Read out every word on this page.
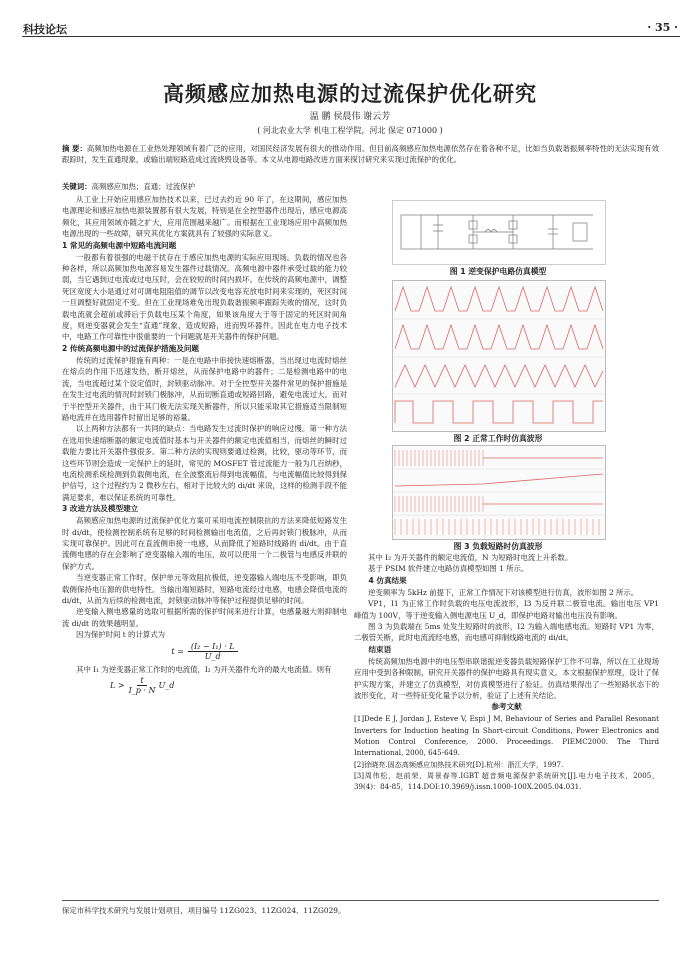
科技论坛	· 35 ·
高频感应加热电源的过流保护优化研究
温 鹏 侯晨伟 谢云芳
( 河北农业大学 机电工程学院，河北 保定 071000 )
摘 要：高频加热电源在工业热处理领域有着广泛的应用，对国民经济发展有很大的推动作用。但目前高频感应加热电源依然存在着各种不足，比如当负载谐振频率特性的无法实现有效跟踪时，发生直通现象，或输出端短路造成过流烧毁设备等。本文从电源电路改进方面来探讨研究来实现过流保护的优化。
关键词：高频感应加热；直通；过流保护
从工业上开始应用感应加热技术以来，已过去约近 90 年了，在这期间，感应加热电源理论和感应加热电源装置都有很大发展，特别是在全控型器件出现后，感应电源高频化，其应用领域亦随之扩大，应用范围越来越广。而根据在工业现场应用中高频加热电源出现的一些故障，研究其优化方案就具有了较强的实际意义。
1 常见的高频电源中短路电流问题
一般都有着很强的电磁干扰存在于感应加热电源的实际应用现场。负载的情况也各种各样，所以高频加热电源容易发生器件过载情况。高频电源中器件承受过载的能力较弱，当它遇到过电流或过电压时，会在较短的时间内损坏。在传统的高频电源中，调整死区宽度大小是通过对可调电阻阻值的调节以改变电容充放电时间来实现的，死区时间一旦调整好就固定不变。但在工业现场难免出现负载谐振频率跟踪失败的情况，这时负载电流就会超前或滞后于负载电压某个角度，如果该角度大于等于固定的死区时间角度，则逆变器就会发生“直通”现象，造成短路，进而毁坏器件。因此在电力电子技术中，电路工作可靠性中很重要的一个问题就是开关器件的保护问题。
2 传统高频电源中的过流保护措施及问题
传统的过流保护措施有两种：一是在电路中串接快速熔断器，当出现过电流时熔丝在熔点的作用下迅速发热，断开熔丝，从而保护电路中的器件；二是检测电路中的电流，当电流超过某个设定值时，封锁驱动脉冲。对于全控型开关器件常见的保护措施是在发生过电流的情况时封锁门极脉冲，从而切断直通或短路回路，避免电流过大。而对于半控型开关器件，由于其门极无法实现关断器件，所以只能采取其它措施适当限制短路电流并在选用器件时留出足够的裕量。
以上两种方法都有一共同的缺点：当电路发生过流时保护的响应过慢。第一种方法在选用快速熔断器的额定电流值时基本与开关器件的额定电流值相当，而熔丝的瞬时过载能力要比开关器件强很多。第二种方法的实现则要通过检测，比较，驱动等环节，而这些环节则会造成一定保护上的延时，常见的 MOSFET 管过流能力一般为几百纳秒，电流检测系统检测到负载侧电流，在全波整流后得到电流幅值，与电流幅值比较得到保护信号，这个过程约为 2 微秒左右，相对于比较大的 di/dt 来说，这样的检测手段不能满足要求，难以保证系统的可靠性。
3 改进方法及模型建立
高频感应加热电源的过流保护优化方案可采用电流控制限抗的方法来降低短路发生时 di/dt，使检测控制系统有足够的时间检测输出电流值，之后再封锁门极脉冲，从而实现可靠保护。因此可在直流侧串接一电感，从而降低了短路时线路的 di/dt。由于直流侧电感的存在会影响了逆变器输入端的电压，故可以使用一个二极管与电感反并联的保护方式。
当逆变器正常工作时，保护单元等效阻抗极低，逆变器输入端电压不受影响，即负载侧保持电压源的供电特性。当输出端短路时，短路电流经过电感，电感会降低电流的 di/dt，从而为后续的检测电流，封锁驱动脉冲等保护过程提供足够的时间。
逆变输入侧电感量的选取可根据所需的保护时间来进行计算，电感量越大则抑制电流 di/dt 的效果越明显。
因为保护时间 t 的计算式为
$t = \frac{\text{(I₂ − I₁) · L}}{U\_d}$
其中 I₁ 为逆变器正常工作时的电流值，I₂ 为开关器件允许的最大电流值。则有
$L > \frac{t}{I\_p \cdot N}$ U_d
图 1 逆变保护电路仿真模型
图 2 正常工作时仿真波形
图 3 负载短路时仿真波形
其中 I₂ 为开关器件的额定电流值，N 为短路时电流上升系数。
基于 PSIM 软件建立电路仿真模型如图 1 所示。
4 仿真结果
逆变频率为 5kHz 前提下，正常工作情况下对该模型进行仿真，波形如图 2 所示。
VP1，I1 为正常工作时负载的电压电流波形，I3 为反并联二极管电流。输出电压 VP1 峰值为 100V，等于逆变输入侧电源电压 U_d，即保护电路对输出电压没有影响。
图 3 为负载端在 5ms 处发生短路时的波形，I2 为输入端电感电流。短路时 VP1 为零，二极管关断，此时电流流经电感，而电感可抑制线路电流的 di/dt。
结束语
传统高频加热电源中的电压型串联谐振逆变器负载短路保护工作不可靠，所以在工业现场应用中受到各种限制，研究开关器件的保护电路具有现实意义。本文根据保护原理，设计了保护实现方案，并建立了仿真模型，对仿真模型进行了验证。仿真结果得出了一些短路状态下的波形变化，对一些特征变化量予以分析，验证了上述有关结论。
参考文献
[1]Dede E J, Jordan J, Esteve V, Espi J M, Behaviour of Series and Parallel Resonant Inverters for Induction heating In Short-circuit Conditions, Power Electronics and Motion Control Conference, 2000. Proceedings. PIEMC2000. The Third International, 2000, 645-649.
[2]徐晓亮.固态高频感应加热技术研究[D].杭州：浙江大学，1997.
[3]周伟松，赵前荣，周景春等.IGBT 超音频电源保护系统研究[J].电力电子技术，2005，39(4)：84-85，114.DOI:10.3969/j.issn.1000-100X.2005.04.031.
保定市科学技术研究与发展计划项目，项目编号 11ZG023、11ZG024、11ZG029。
